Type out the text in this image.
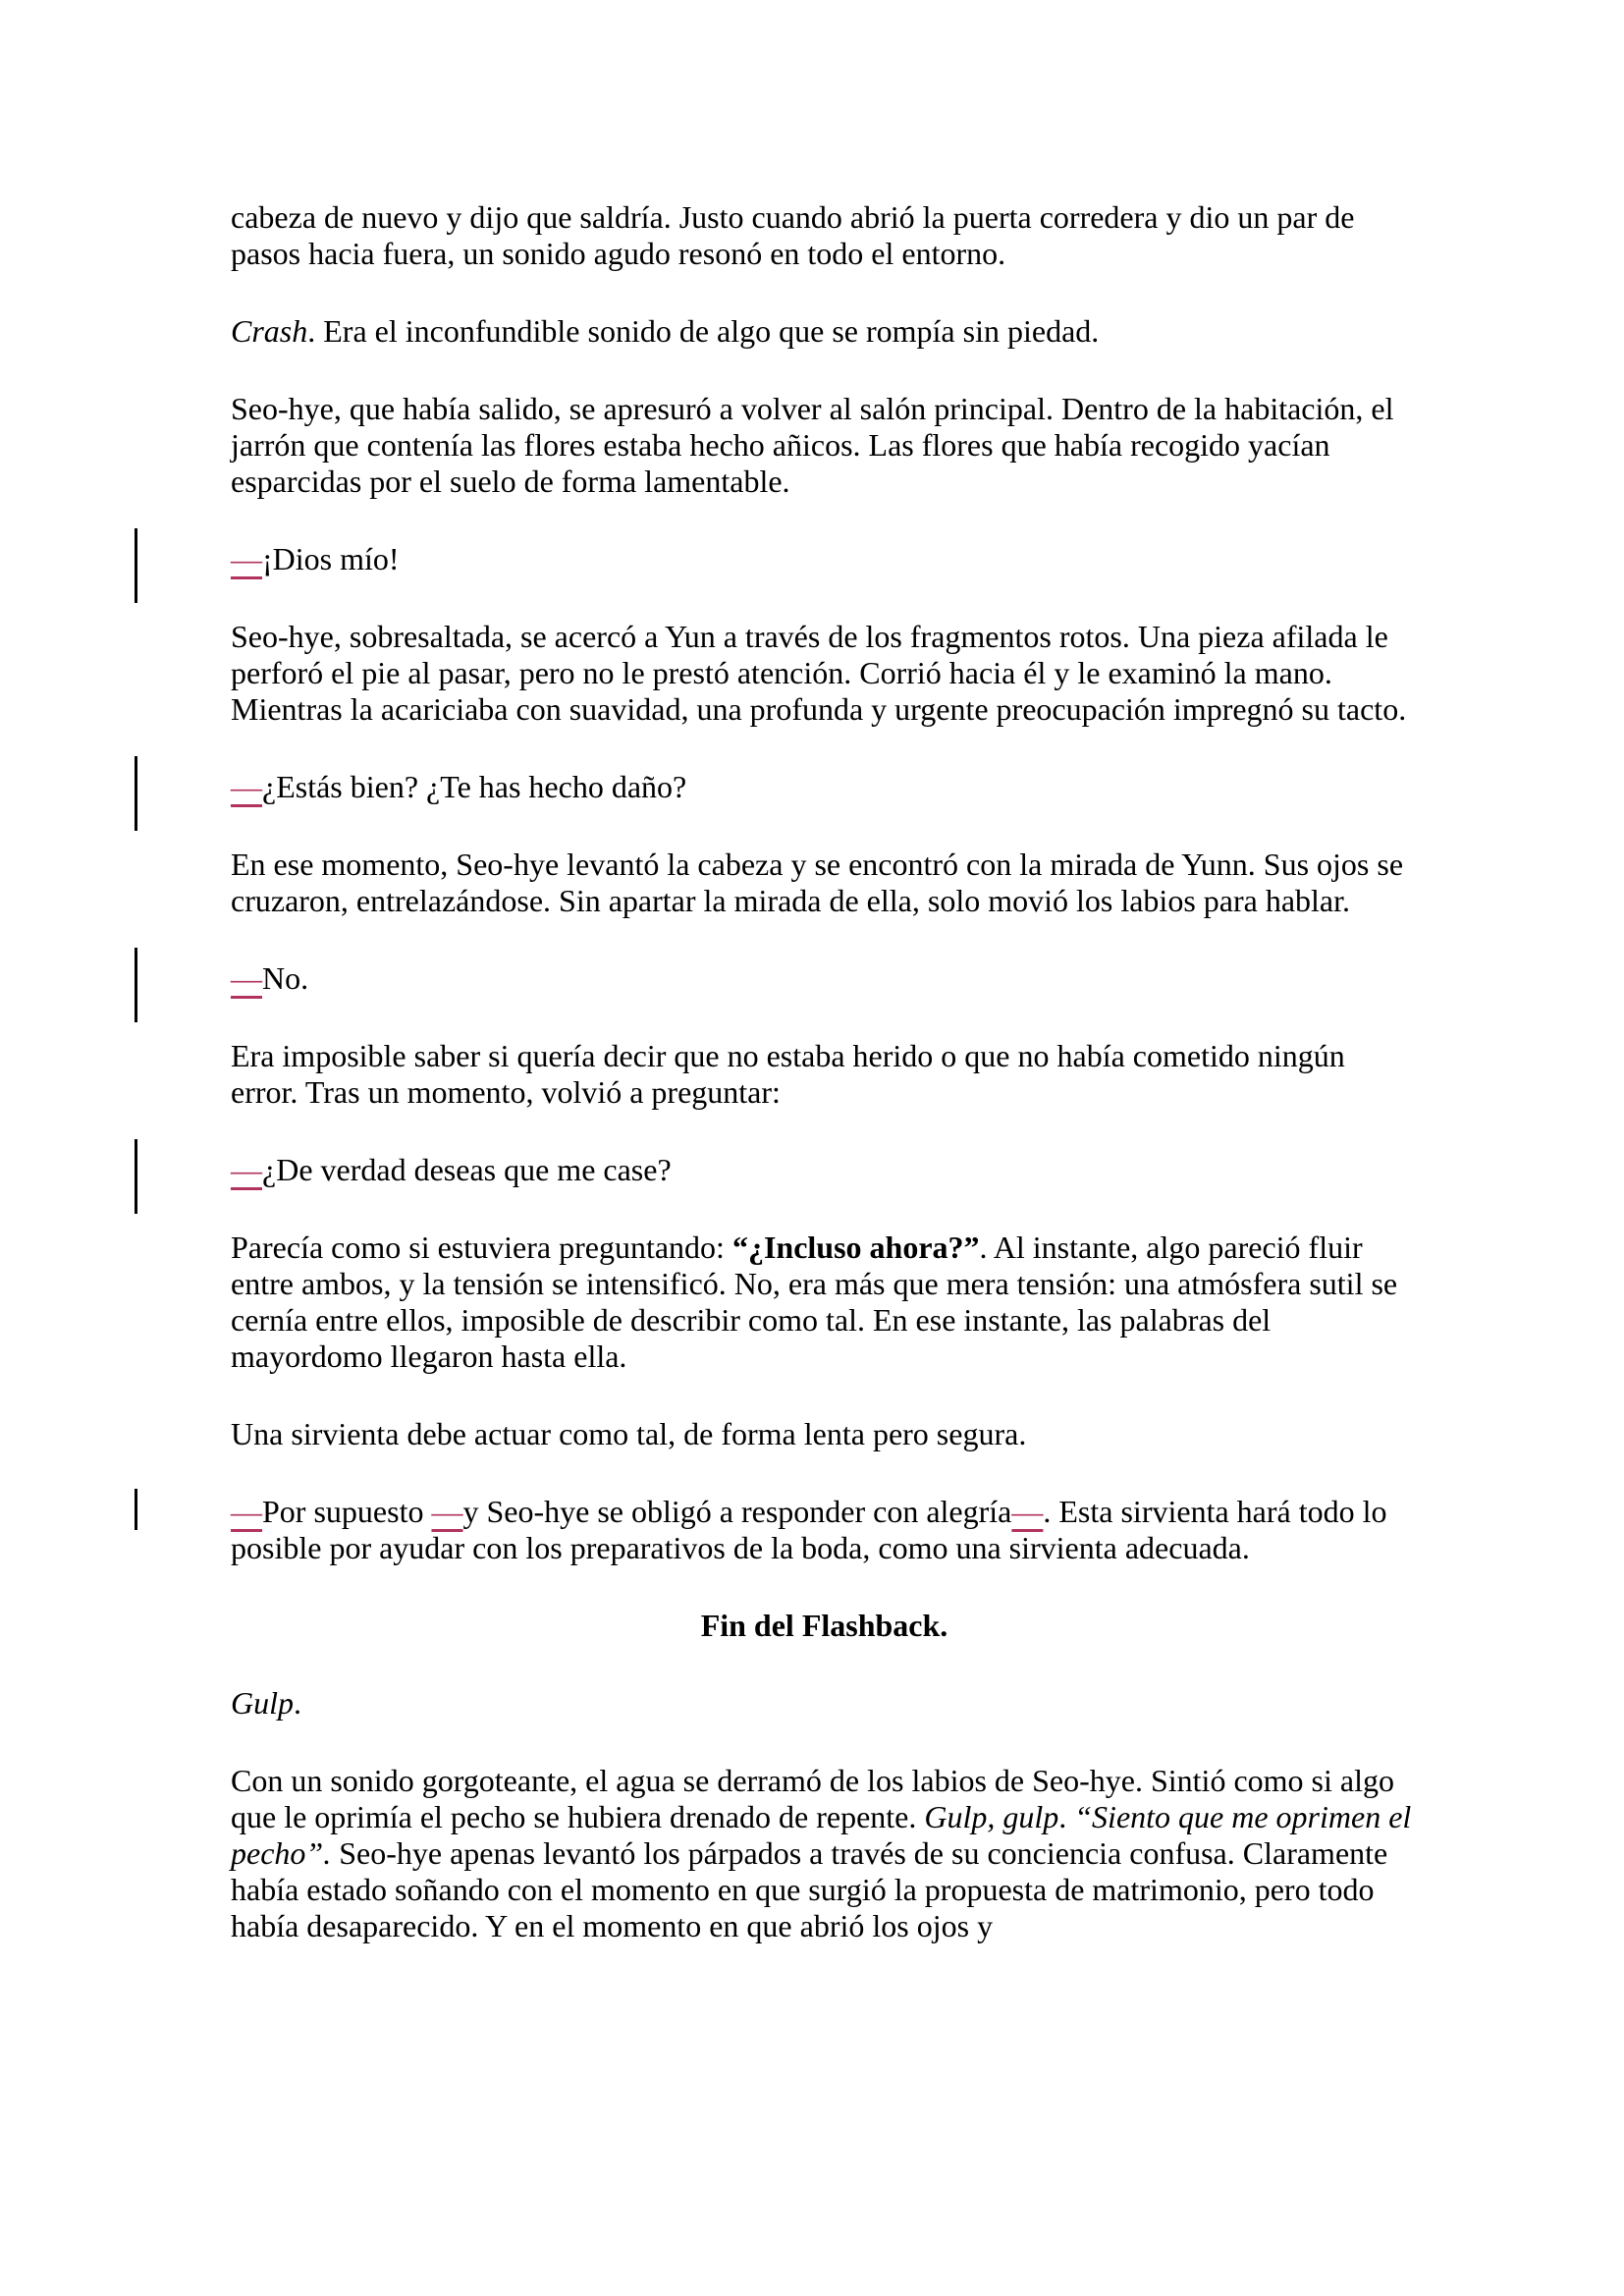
cabeza de nuevo y dijo que saldría. Justo cuando abrió la puerta corredera y dio un par de pasos hacia fuera, un sonido agudo resonó en todo el entorno.
Crash. Era el inconfundible sonido de algo que se rompía sin piedad.
Seo-hye, que había salido, se apresuró a volver al salón principal. Dentro de la habitación, el jarrón que contenía las flores estaba hecho añicos. Las flores que había recogido yacían esparcidas por el suelo de forma lamentable.
—¡Dios mío!
Seo-hye, sobresaltada, se acercó a Yun a través de los fragmentos rotos. Una pieza afilada le perforó el pie al pasar, pero no le prestó atención. Corrió hacia él y le examinó la mano. Mientras la acariciaba con suavidad, una profunda y urgente preocupación impregnó su tacto.
—¿Estás bien? ¿Te has hecho daño?
En ese momento, Seo-hye levantó la cabeza y se encontró con la mirada de Yunn. Sus ojos se cruzaron, entrelazándose. Sin apartar la mirada de ella, solo movió los labios para hablar.
—No.
Era imposible saber si quería decir que no estaba herido o que no había cometido ningún error. Tras un momento, volvió a preguntar:
—¿De verdad deseas que me case?
Parecía como si estuviera preguntando: “¿Incluso ahora?”. Al instante, algo pareció fluir entre ambos, y la tensión se intensificó. No, era más que mera tensión: una atmósfera sutil se cernía entre ellos, imposible de describir como tal. En ese instante, las palabras del mayordomo llegaron hasta ella.
Una sirvienta debe actuar como tal, de forma lenta pero segura.
—Por supuesto —y Seo-hye se obligó a responder con alegría—. Esta sirvienta hará todo lo posible por ayudar con los preparativos de la boda, como una sirvienta adecuada.
Fin del Flashback.
Gulp.
Con un sonido gorgoteante, el agua se derramó de los labios de Seo-hye. Sintió como si algo que le oprimía el pecho se hubiera drenado de repente. Gulp, gulp. “Siento que me oprimen el pecho”. Seo-hye apenas levantó los párpados a través de su conciencia confusa. Claramente había estado soñando con el momento en que surgió la propuesta de matrimonio, pero todo había desaparecido. Y en el momento en que abrió los ojos y
